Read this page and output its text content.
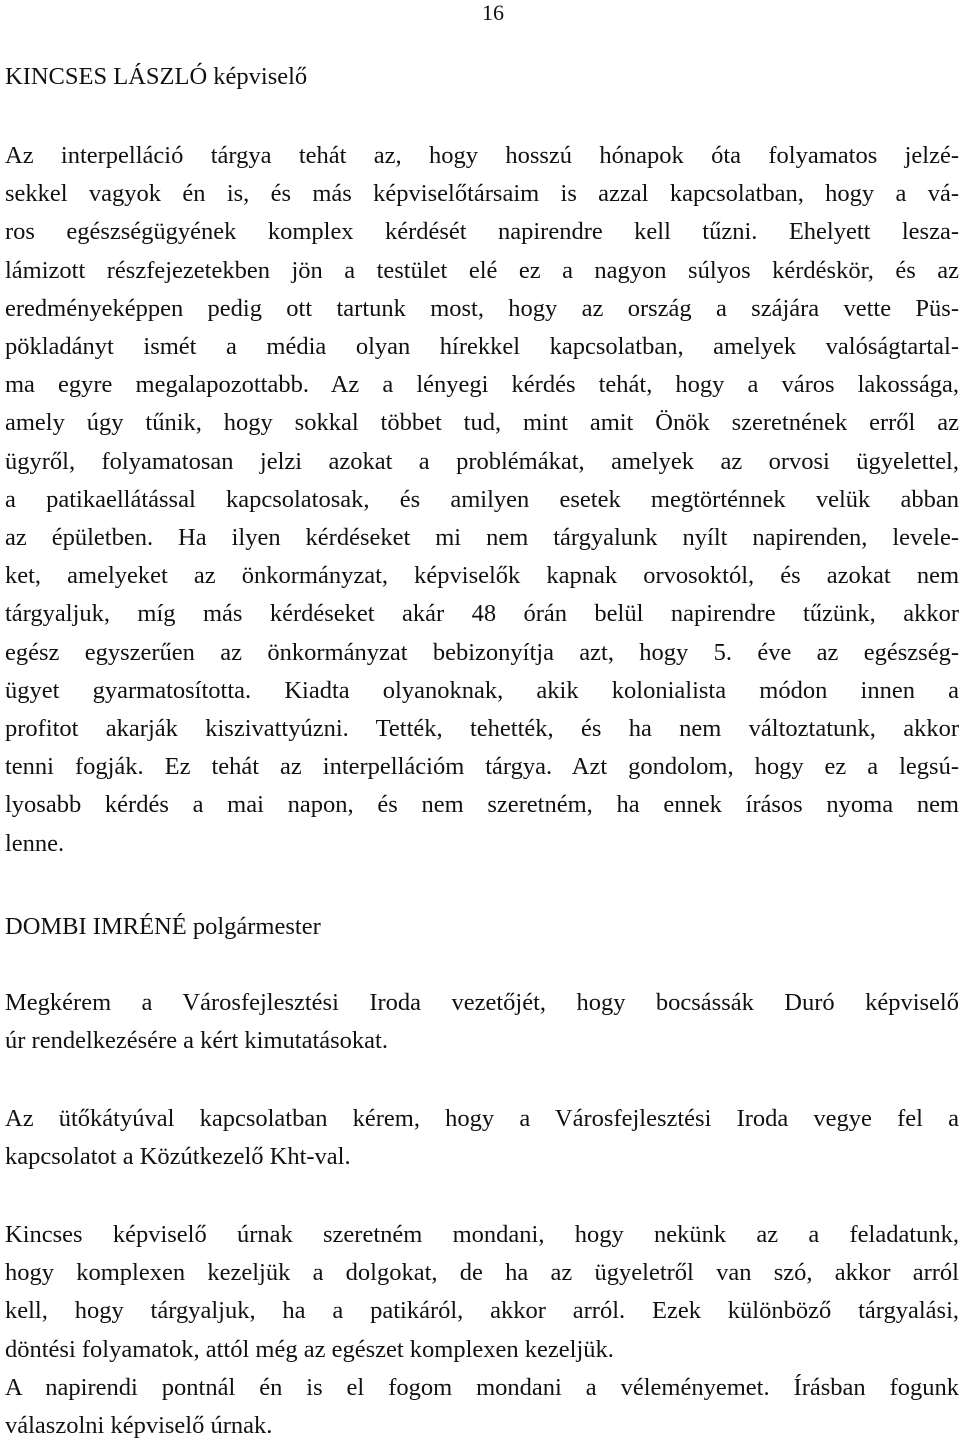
16
KINCSES LÁSZLÓ képviselő
Az interpelláció tárgya tehát az, hogy hosszú hónapok óta folyamatos jelzé-
sekkel vagyok én is, és más képviselőtársaim is azzal kapcsolatban, hogy a vá-
ros egészségügyének komplex kérdését napirendre kell tűzni. Ehelyett lesza-
lámizott részfejezetekben jön a testület elé ez a nagyon súlyos kérdéskör, és az
eredményeképpen pedig ott tartunk most, hogy az ország a szájára vette Püs-
pökladányt ismét a média olyan hírekkel kapcsolatban, amelyek valóságtartal-
ma egyre megalapozottabb. Az a lényegi kérdés tehát, hogy a város lakossága,
amely úgy tűnik, hogy sokkal többet tud, mint amit Önök szeretnének erről az
ügyről, folyamatosan jelzi azokat a problémákat, amelyek az orvosi ügyelettel,
a patikaellátással kapcsolatosak, és amilyen esetek megtörténnek velük abban
az épületben. Ha ilyen kérdéseket mi nem tárgyalunk nyílt napirenden, levele-
ket, amelyeket az önkormányzat, képviselők kapnak orvosoktól, és azokat nem
tárgyaljuk, míg más kérdéseket akár 48 órán belül napirendre tűzünk, akkor
egész egyszerűen az önkormányzat bebizonyítja azt, hogy 5. éve az egészség-
ügyet gyarmatosította. Kiadta olyanoknak, akik kolonialista módon innen a
profitot akarják kiszivattyúzni. Tették, tehették, és ha nem változtatunk, akkor
tenni fogják. Ez tehát az interpellációm tárgya. Azt gondolom, hogy ez a legsú-
lyosabb kérdés a mai napon, és nem szeretném, ha ennek írásos nyoma nem
lenne.
DOMBI IMRÉNÉ polgármester
Megkérem a Városfejlesztési Iroda vezetőjét, hogy bocsássák Duró képviselő
úr rendelkezésére a kért kimutatásokat.
Az ütőkátyúval kapcsolatban kérem, hogy a Városfejlesztési Iroda vegye fel a
kapcsolatot a Közútkezelő Kht-val.
Kincses képviselő úrnak szeretném mondani, hogy nekünk az a feladatunk,
hogy komplexen kezeljük a dolgokat, de ha az ügyeletről van szó, akkor arról
kell, hogy tárgyaljuk, ha a patikáról, akkor arról. Ezek különböző tárgyalási,
döntési folyamatok, attól még az egészet komplexen kezeljük.
A napirendi pontnál én is el fogom mondani a véleményemet. Írásban fogunk
válaszolni képviselő úrnak.
